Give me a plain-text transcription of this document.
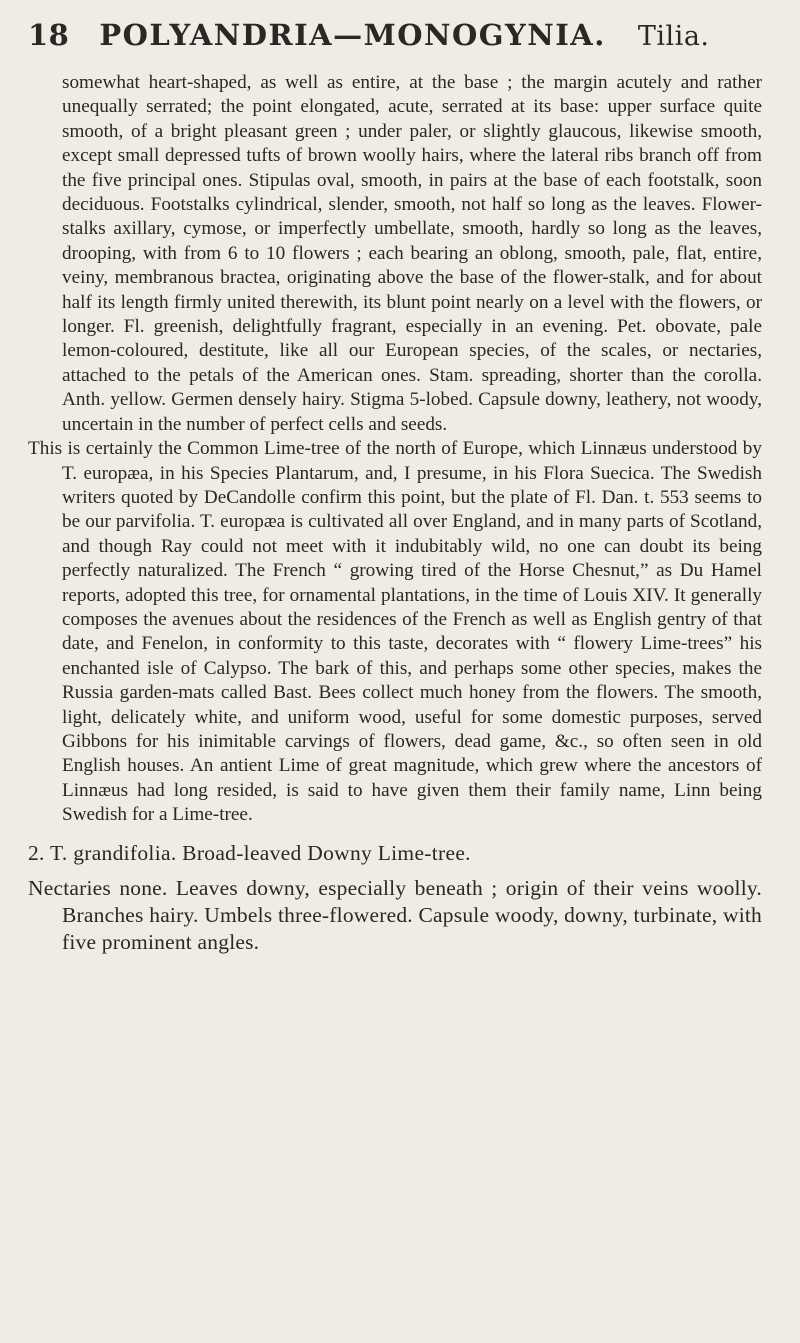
18 POLYANDRIA—MONOGYNIA. Tilia.

somewhat heart-shaped, as well as entire, at the base ; the margin acutely and rather unequally serrated; the point elongated, acute, serrated at its base: upper surface quite smooth, of a bright pleasant green ; under paler, or slightly glaucous, likewise smooth, except small depressed tufts of brown woolly hairs, where the lateral ribs branch off from the five principal ones. Stipulas oval, smooth, in pairs at the base of each footstalk, soon deciduous. Footstalks cylindrical, slender, smooth, not half so long as the leaves. Flower-stalks axillary, cymose, or imperfectly umbellate, smooth, hardly so long as the leaves, drooping, with from 6 to 10 flowers ; each bearing an oblong, smooth, pale, flat, entire, veiny, membranous bractea, originating above the base of the flower-stalk, and for about half its length firmly united therewith, its blunt point nearly on a level with the flowers, or longer. Fl. greenish, delightfully fragrant, especially in an evening. Pet. obovate, pale lemon-coloured, destitute, like all our European species, of the scales, or nectaries, attached to the petals of the American ones. Stam. spreading, shorter than the corolla. Anth. yellow. Germen densely hairy. Stigma 5-lobed. Capsule downy, leathery, not woody, uncertain in the number of perfect cells and seeds.

This is certainly the Common Lime-tree of the north of Europe, which Linnæus understood by T. europæa, in his Species Plantarum, and, I presume, in his Flora Suecica. The Swedish writers quoted by DeCandolle confirm this point, but the plate of Fl. Dan. t. 553 seems to be our parvifolia. T. europæa is cultivated all over England, and in many parts of Scotland, and though Ray could not meet with it indubitably wild, no one can doubt its being perfectly naturalized. The French “ growing tired of the Horse Chesnut,” as Du Hamel reports, adopted this tree, for ornamental plantations, in the time of Louis XIV. It generally composes the avenues about the residences of the French as well as English gentry of that date, and Fenelon, in conformity to this taste, decorates with “ flowery Lime-trees” his enchanted isle of Calypso. The bark of this, and perhaps some other species, makes the Russia garden-mats called Bast. Bees collect much honey from the flowers. The smooth, light, delicately white, and uniform wood, useful for some domestic purposes, served Gibbons for his inimitable carvings of flowers, dead game, &c., so often seen in old English houses. An antient Lime of great magnitude, which grew where the ancestors of Linnæus had long resided, is said to have given them their family name, Linn being Swedish for a Lime-tree.

2. T. grandifolia. Broad-leaved Downy Lime-tree.

Nectaries none. Leaves downy, especially beneath ; origin of their veins woolly. Branches hairy. Umbels three-flowered. Capsule woody, downy, turbinate, with five prominent angles.
